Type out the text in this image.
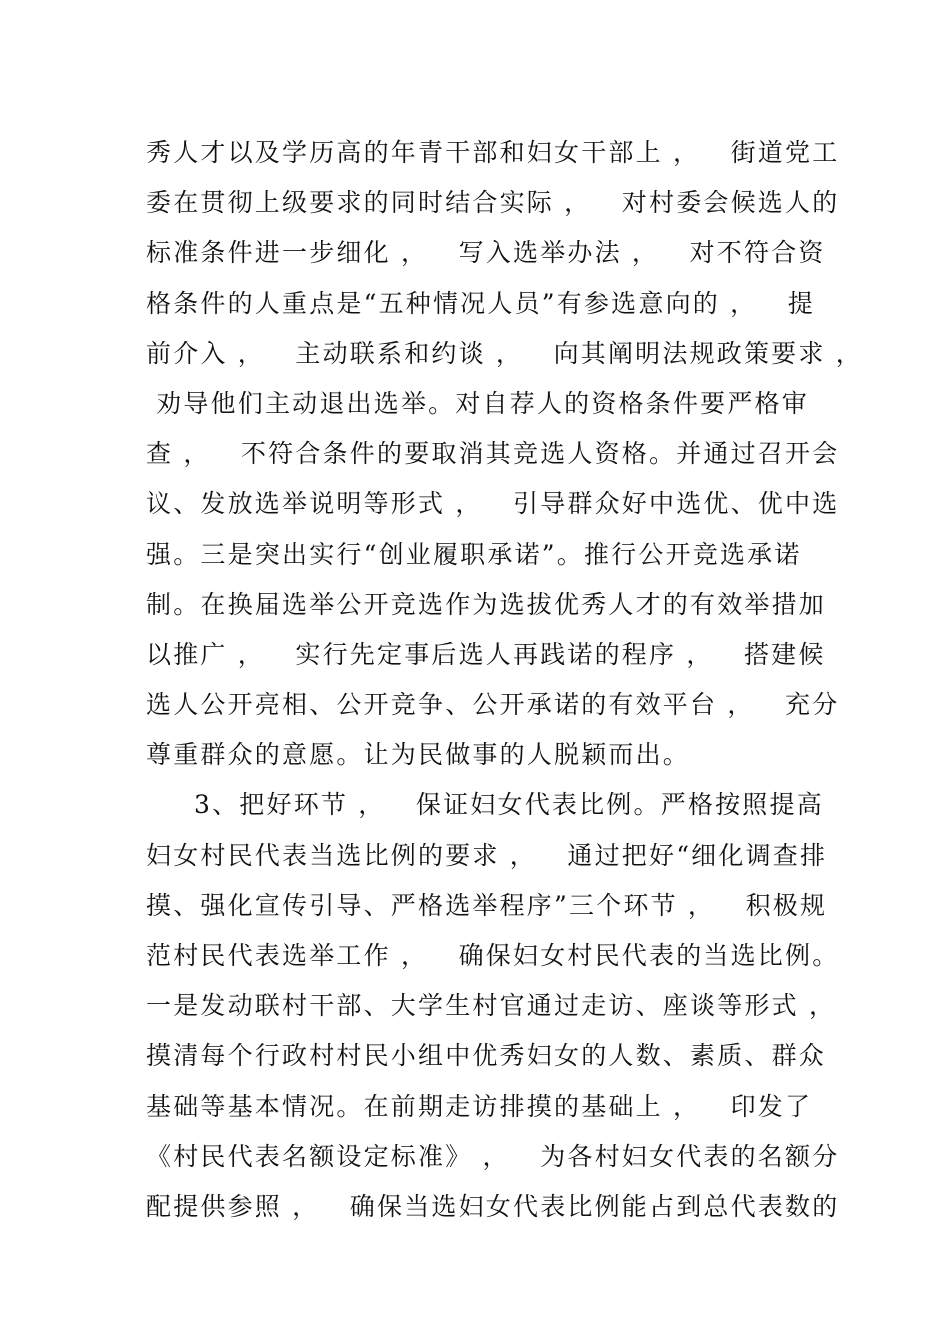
秀人才以及学历高的年青干部和妇女干部上 ，   街道党工
委在贯彻上级要求的同时结合实际 ，   对村委会候选人的
标准条件进一步细化 ，   写入选举办法 ，   对不符合资
格条件的人重点是“五种情况人员”有参选意向的 ，   提
前介入 ，   主动联系和约谈 ，   向其阐明法规政策要求 ，
劝导他们主动退出选举。对自荐人的资格条件要严格审
查 ，   不符合条件的要取消其竞选人资格。并通过召开会
议、发放选举说明等形式 ，   引导群众好中选优、优中选
强。三是突出实行“创业履职承诺”。推行公开竞选承诺
制。在换届选举公开竞选作为选拔优秀人才的有效举措加
以推广 ，   实行先定事后选人再践诺的程序 ，   搭建候
选人公开亮相、公开竞争、公开承诺的有效平台 ，   充分
尊重群众的意愿。让为民做事的人脱颖而出。
3、把好环节 ，   保证妇女代表比例。严格按照提高
妇女村民代表当选比例的要求 ，   通过把好“细化调查排
摸、强化宣传引导、严格选举程序”三个环节 ，   积极规
范村民代表选举工作 ，   确保妇女村民代表的当选比例。
一是发动联村干部、大学生村官通过走访、座谈等形式 ，
摸清每个行政村村民小组中优秀妇女的人数、素质、群众
基础等基本情况。在前期走访排摸的基础上 ，   印发了
《村民代表名额设定标准》 ，   为各村妇女代表的名额分
配提供参照 ，   确保当选妇女代表比例能占到总代表数的
